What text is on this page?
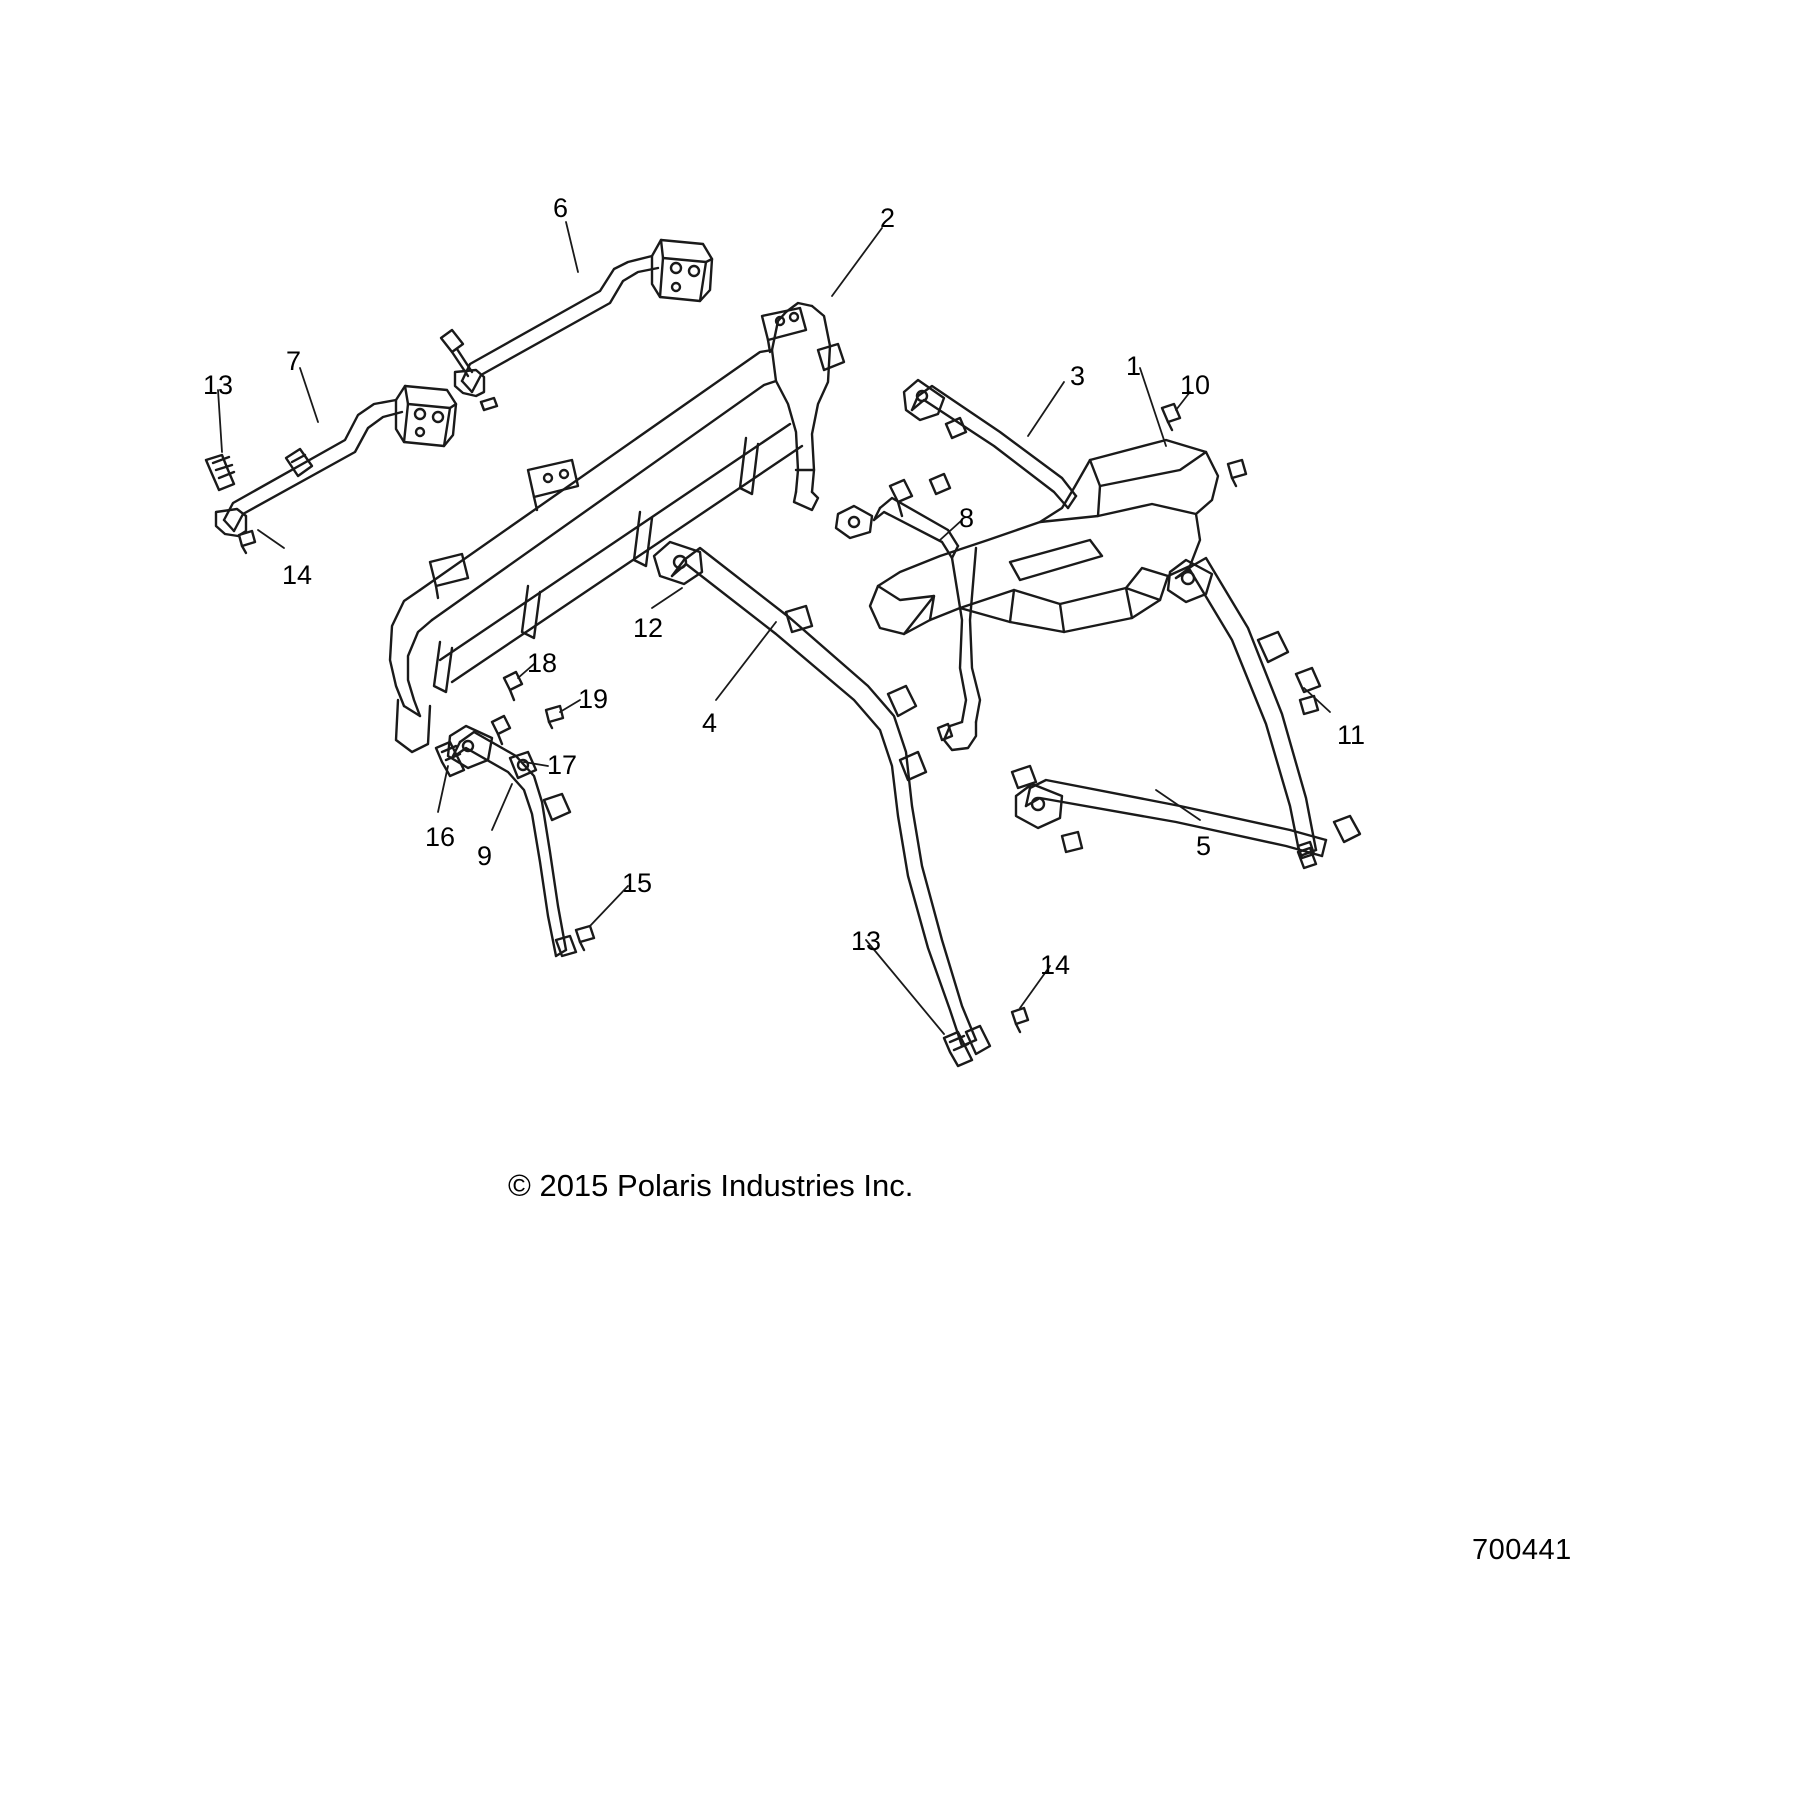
6	2
7
13	3 1
10
8
14
12
11
18
19
4
17
16
9	5
15
13
14
© 2015 Polaris Industries Inc.
700441
